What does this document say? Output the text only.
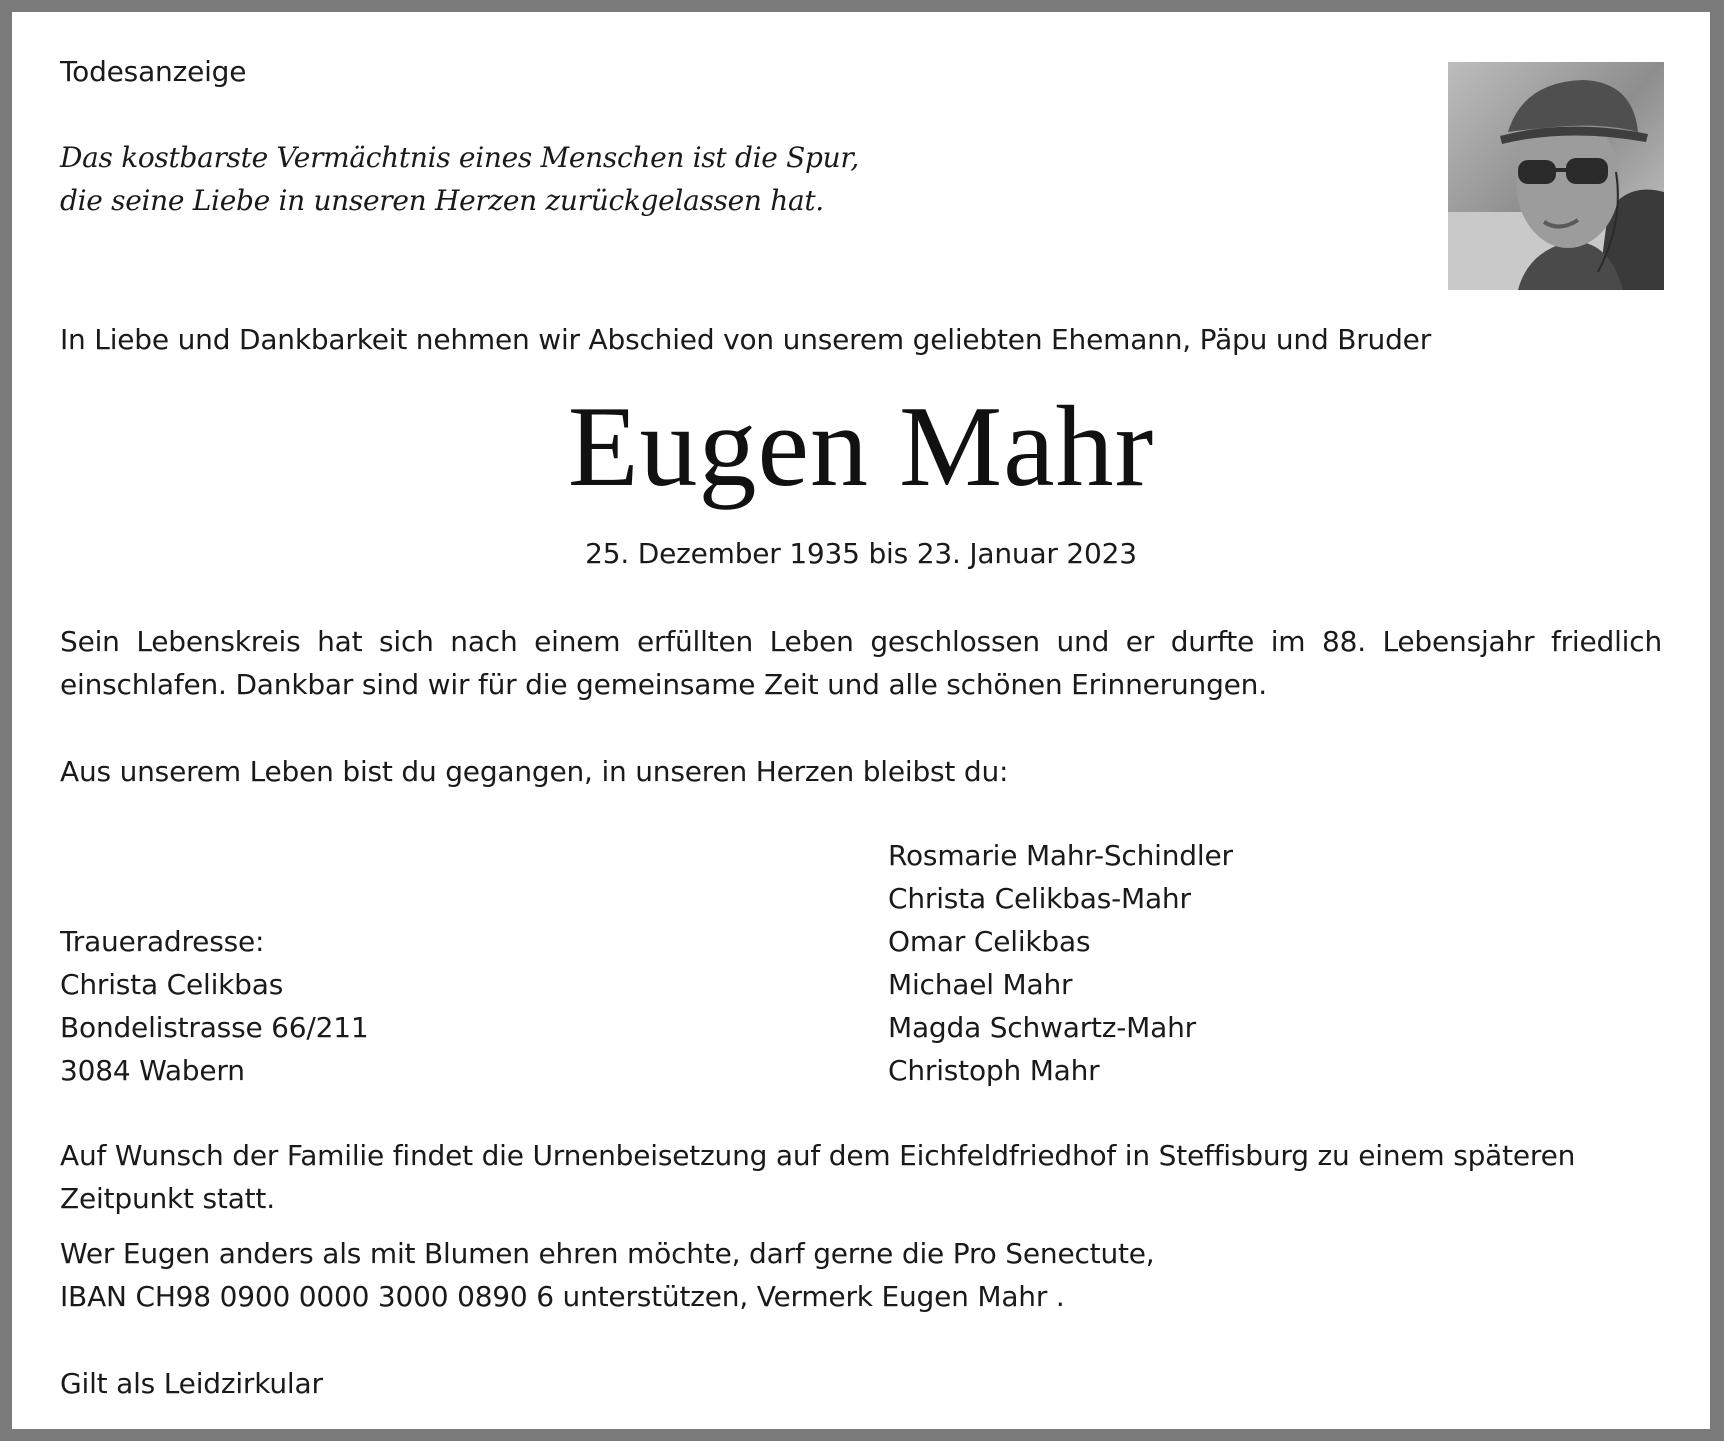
Todesanzeige

Das kostbarste Vermächtnis eines Menschen ist die Spur,
die seine Liebe in unseren Herzen zurückgelassen hat.

In Liebe und Dankbarkeit nehmen wir Abschied von unserem geliebten Ehemann, Päpu und Bruder

Eugen Mahr

25. Dezember 1935 bis 23. Januar 2023

Sein Lebenskreis hat sich nach einem erfüllten Leben geschlossen und er durfte im 88. Lebensjahr friedlich einschlafen. Dankbar sind wir für die gemeinsame Zeit und alle schönen Erinnerungen.

Aus unserem Leben bist du gegangen, in unseren Herzen bleibst du:

Rosmarie Mahr-Schindler
Christa Celikbas-Mahr
Omar Celikbas
Michael Mahr
Magda Schwartz-Mahr
Christoph Mahr
Traueradresse:
Christa Celikbas
Bondelistrasse 66/211
3084 Wabern
Auf Wunsch der Familie findet die Urnenbeisetzung auf dem Eichfeldfriedhof in Steffisburg zu einem späteren
Zeitpunkt statt.
Wer Eugen anders als mit Blumen ehren möchte, darf gerne die Pro Senectute,
IBAN CH98 0900 0000 3000 0890 6 unterstützen, Vermerk Eugen Mahr .

Gilt als Leidzirkular
